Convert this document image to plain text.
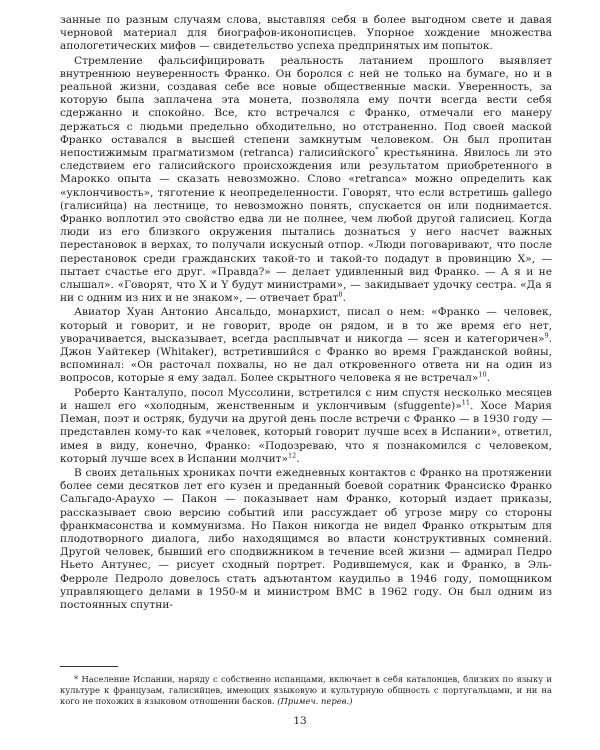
занные по разным случаям слова, выставляя себя в более выгодном свете и давая черновой материал для биографов-иконописцев. Упорное хождение множества апологетических мифов — свидетельство успеха предпринятых им попыток.

Стремление фальсифицировать реальность латанием прошлого выявляет внутреннюю неуверенность Франко. Он боролся с ней не только на бумаге, но и в реальной жизни, создавая себе все новые общественные маски. Уверенность, за которую была заплачена эта монета, позволяла ему почти всегда вести себя сдержанно и спокойно. Все, кто встречался с Франко, отмечали его манеру держаться с людьми предельно обходительно, но отстраненно. Под своей маской Франко оставался в высшей степени замкнутым человеком. Он был пропитан непостижимым прагматизмом (retranca) галисийского* крестьянина. Явилось ли это следствием его галисийского происхождения или результатом приобретенного в Марокко опыта — сказать невозможно. Слово «retranca» можно определить как «уклончивость», тяготение к неопределенности. Говорят, что если встретишь gallego (галисийца) на лестнице, то невозможно понять, спускается он или поднимается. Франко воплотил это свойство едва ли не полнее, чем любой другой галисиец. Когда люди из его близкого окружения пытались дознаться у него насчет важных перестановок в верхах, то получали искусный отпор. «Люди поговаривают, что после перестановок среди гражданских такой-то и такой-то подадут в провинцию X», — пытает счастье его друг. «Правда?» — делает удивленный вид Франко. — А я и не слышал». «Говорят, что X и Y будут министрами», — закидывает удочку сестра. «Да я ни с одним из них и не знаком», — отвечает брат$^8$.

Авиатор Хуан Антонио Ансальдо, монархист, писал о нем: «Франко — человек, который и говорит, и не говорит, вроде он рядом, и в то же время его нет, уворачивается, высказывает, всегда расплывчат и никогда — ясен и категоричен»$^9$. Джон Уайтекер (Whitaker), встретившийся с Франко во время Гражданской войны, вспоминал: «Он расточал похвалы, но не дал откровенного ответа ни на один из вопросов, которые я ему задал. Более скрытного человека я не встречал»$^{10}$.

Роберто Канталупо, посол Муссолини, встретился с ним спустя несколько месяцев и нашел его «холодным, женственным и уклончивым (sfuggente)»$^{11}$. Хосе Мария Пеман, поэт и остряк, будучи на другой день после встречи с Франко — в 1930 году — представлен кому-то как «человек, который говорит лучше всех в Испании», ответил, имея в виду, конечно, Франко: «Подозреваю, что я познакомился с человеком, который лучше всех в Испании молчит»$^{12}$.

В своих детальных хрониках почти ежедневных контактов с Франко на протяжении более семи десятков лет его кузен и преданный боевой соратник Франсиско Франко Сальгадо-Араухо — Пакон — показывает нам Франко, который издает приказы, рассказывает свою версию событий или рассуждает об угрозе миру со стороны франкмасонства и коммунизма. Но Пакон никогда не видел Франко открытым для плодотворного диалога, либо находящимся во власти конструктивных сомнений. Другой человек, бывший его сподвижником в течение всей жизни — адмирал Педро Ньето Антунес, — рисует сходный портрет. Родившемуся, как и Франко, в Эль-Ферроле Педроло довелось стать адъютантом каудильо в 1946 году, помощником управляющего делами в 1950-м и министром ВМС в 1962 году. Он был одним из постоянных спутни-

* Население Испании, наряду с собственно испанцами, включает в себя каталонцев, близких по языку и культуре к французам, галисийцев, имеющих языковую и культурную общность с португальцами, и ни на кого не похожих в языковом отношении басков. (Примеч. перев.)

13
